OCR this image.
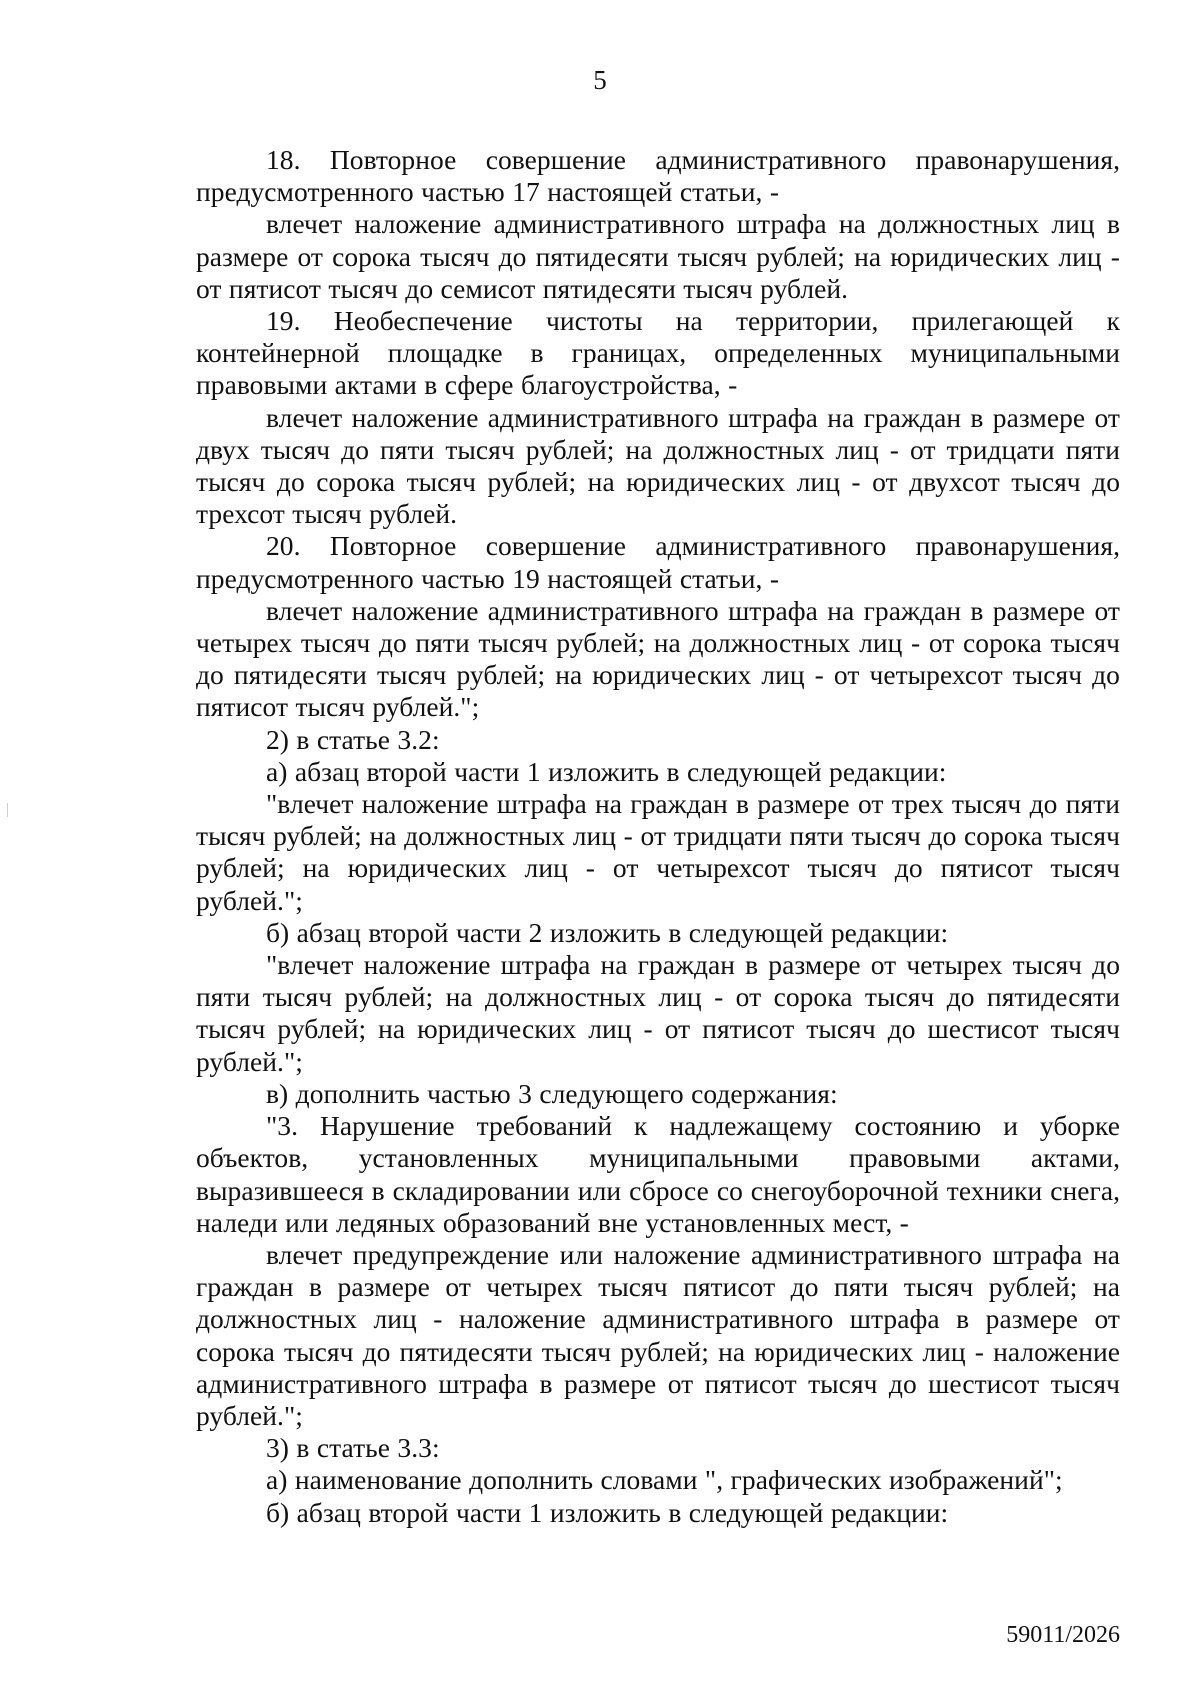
5

18. Повторное совершение административного правонарушения, предусмотренного частью 17 настоящей статьи, -

влечет наложение административного штрафа на должностных лиц в размере от сорока тысяч до пятидесяти тысяч рублей; на юридических лиц - от пятисот тысяч до семисот пятидесяти тысяч рублей.

19. Необеспечение чистоты на территории, прилегающей к контейнерной площадке в границах, определенных муниципальными правовыми актами в сфере благоустройства, -

влечет наложение административного штрафа на граждан в размере от двух тысяч до пяти тысяч рублей; на должностных лиц - от тридцати пяти тысяч до сорока тысяч рублей; на юридических лиц - от двухсот тысяч до трехсот тысяч рублей.

20. Повторное совершение административного правонарушения, предусмотренного частью 19 настоящей статьи, -

влечет наложение административного штрафа на граждан в размере от четырех тысяч до пяти тысяч рублей; на должностных лиц - от сорока тысяч до пятидесяти тысяч рублей; на юридических лиц - от четырехсот тысяч до пятисот тысяч рублей.";

2) в статье 3.2:

а) абзац второй части 1 изложить в следующей редакции:

"влечет наложение штрафа на граждан в размере от трех тысяч до пяти тысяч рублей; на должностных лиц - от тридцати пяти тысяч до сорока тысяч рублей; на юридических лиц - от четырехсот тысяч до пятисот тысяч рублей.";

б) абзац второй части 2 изложить в следующей редакции:

"влечет наложение штрафа на граждан в размере от четырех тысяч до пяти тысяч рублей; на должностных лиц - от сорока тысяч до пятидесяти тысяч рублей; на юридических лиц - от пятисот тысяч до шестисот тысяч рублей.";

в) дополнить частью 3 следующего содержания:

"3. Нарушение требований к надлежащему состоянию и уборке объектов, установленных муниципальными правовыми актами, выразившееся в складировании или сбросе со снегоуборочной техники снега, наледи или ледяных образований вне установленных мест, -

влечет предупреждение или наложение административного штрафа на граждан в размере от четырех тысяч пятисот до пяти тысяч рублей; на должностных лиц - наложение административного штрафа в размере от сорока тысяч до пятидесяти тысяч рублей; на юридических лиц - наложение административного штрафа в размере от пятисот тысяч до шестисот тысяч рублей.";

3) в статье 3.3:

а) наименование дополнить словами ", графических изображений";

б) абзац второй части 1 изложить в следующей редакции:

59011/2026
